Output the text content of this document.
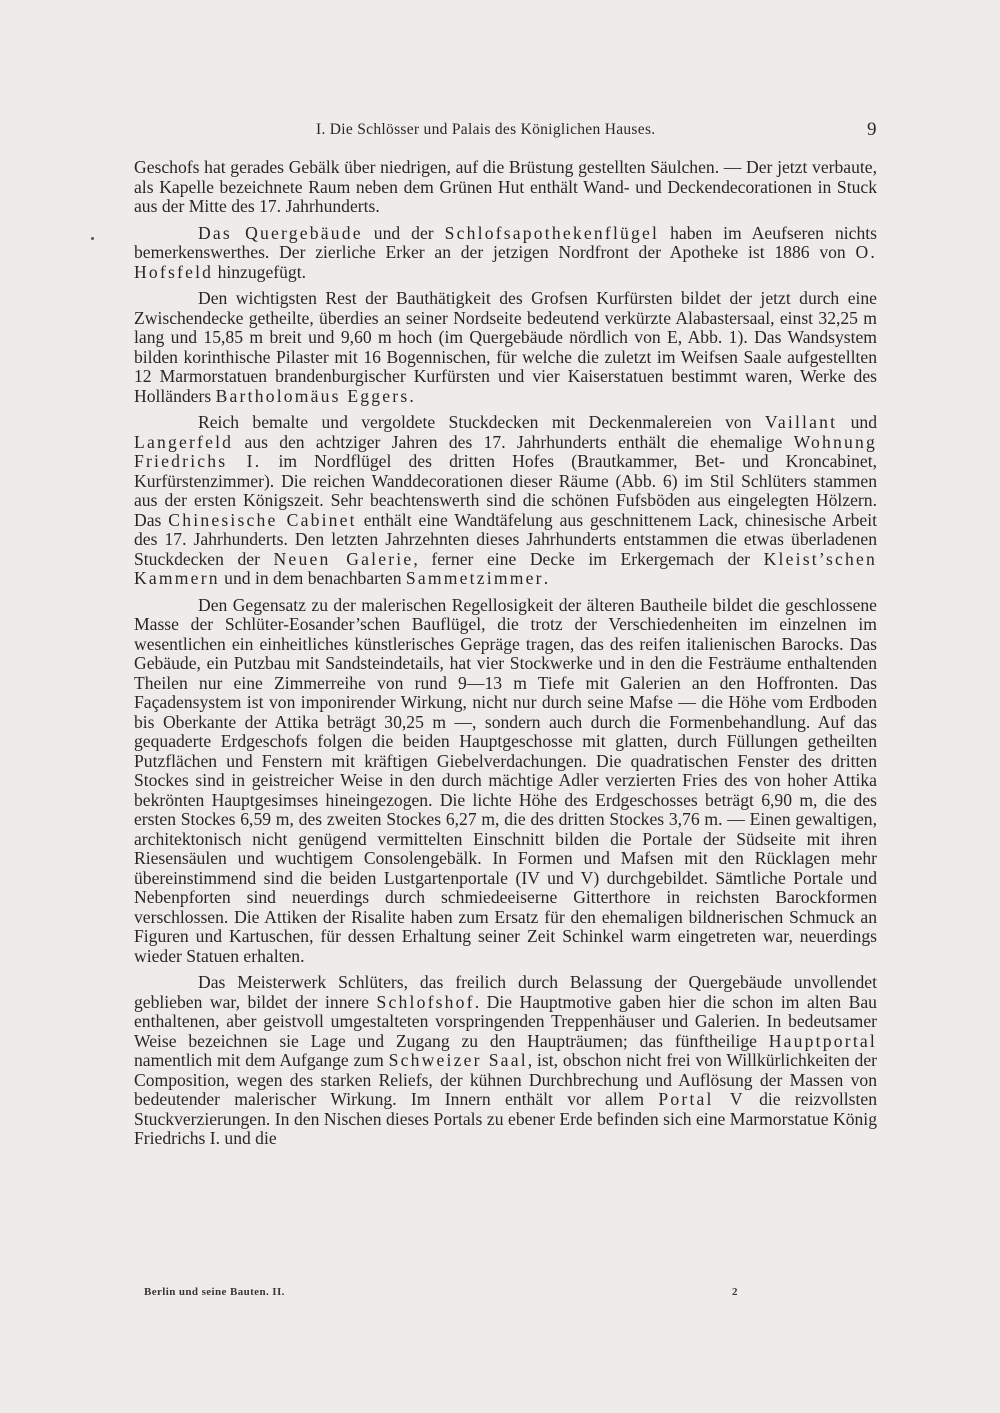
I. Die Schlösser und Palais des Königlichen Hauses.	9

Geschofs hat gerades Gebälk über niedrigen, auf die Brüstung gestellten Säulchen. — Der jetzt verbaute, als Kapelle bezeichnete Raum neben dem Grünen Hut enthält Wand- und Deckendecorationen in Stuck aus der Mitte des 17. Jahrhunderts.

Das Quergebäude und der Schlofsapothekenflügel haben im Aeufseren nichts bemerkenswerthes. Der zierliche Erker an der jetzigen Nordfront der Apotheke ist 1886 von O. Hofsfeld hinzugefügt.

Den wichtigsten Rest der Bauthätigkeit des Grofsen Kurfürsten bildet der jetzt durch eine Zwischendecke getheilte, überdies an seiner Nordseite bedeutend verkürzte Alabastersaal, einst 32,25 m lang und 15,85 m breit und 9,60 m hoch (im Quergebäude nördlich von E, Abb. 1). Das Wandsystem bilden korinthische Pilaster mit 16 Bogennischen, für welche die zuletzt im Weifsen Saale aufgestellten 12 Marmorstatuen brandenburgischer Kurfürsten und vier Kaiserstatuen bestimmt waren, Werke des Holländers Bartholomäus Eggers.

Reich bemalte und vergoldete Stuckdecken mit Deckenmalereien von Vaillant und Langerfeld aus den achtziger Jahren des 17. Jahrhunderts enthält die ehemalige Wohnung Friedrichs I. im Nordflügel des dritten Hofes (Brautkammer, Bet- und Kroncabinet, Kurfürstenzimmer). Die reichen Wanddecorationen dieser Räume (Abb. 6) im Stil Schlüters stammen aus der ersten Königszeit. Sehr beachtenswerth sind die schönen Fufsböden aus eingelegten Hölzern. Das Chinesische Cabinet enthält eine Wandtäfelung aus geschnittenem Lack, chinesische Arbeit des 17. Jahrhunderts. Den letzten Jahrzehnten dieses Jahrhunderts entstammen die etwas überladenen Stuckdecken der Neuen Galerie, ferner eine Decke im Erkergemach der Kleist’schen Kammern und in dem benachbarten Sammetzimmer.

Den Gegensatz zu der malerischen Regellosigkeit der älteren Bautheile bildet die geschlossene Masse der Schlüter-Eosander’schen Bauflügel, die trotz der Verschiedenheiten im einzelnen im wesentlichen ein einheitliches künstlerisches Gepräge tragen, das des reifen italienischen Barocks. Das Gebäude, ein Putzbau mit Sandsteindetails, hat vier Stockwerke und in den die Festräume enthaltenden Theilen nur eine Zimmerreihe von rund 9—13 m Tiefe mit Galerien an den Hoffronten. Das Façadensystem ist von imponirender Wirkung, nicht nur durch seine Mafse — die Höhe vom Erdboden bis Oberkante der Attika beträgt 30,25 m —, sondern auch durch die Formenbehandlung. Auf das gequaderte Erdgeschofs folgen die beiden Hauptgeschosse mit glatten, durch Füllungen getheilten Putzflächen und Fenstern mit kräftigen Giebelverdachungen. Die quadratischen Fenster des dritten Stockes sind in geistreicher Weise in den durch mächtige Adler verzierten Fries des von hoher Attika bekrönten Hauptgesimses hineingezogen. Die lichte Höhe des Erdgeschosses beträgt 6,90 m, die des ersten Stockes 6,59 m, des zweiten Stockes 6,27 m, die des dritten Stockes 3,76 m. — Einen gewaltigen, architektonisch nicht genügend vermittelten Einschnitt bilden die Portale der Südseite mit ihren Riesensäulen und wuchtigem Consolengebälk. In Formen und Mafsen mit den Rücklagen mehr übereinstimmend sind die beiden Lustgartenportale (IV und V) durchgebildet. Sämtliche Portale und Nebenpforten sind neuerdings durch schmiedeeiserne Gitterthore in reichsten Barockformen verschlossen. Die Attiken der Risalite haben zum Ersatz für den ehemaligen bildnerischen Schmuck an Figuren und Kartuschen, für dessen Erhaltung seiner Zeit Schinkel warm eingetreten war, neuerdings wieder Statuen erhalten.

Das Meisterwerk Schlüters, das freilich durch Belassung der Quergebäude unvollendet geblieben war, bildet der innere Schlofshof. Die Hauptmotive gaben hier die schon im alten Bau enthaltenen, aber geistvoll umgestalteten vorspringenden Treppenhäuser und Galerien. In bedeutsamer Weise bezeichnen sie Lage und Zugang zu den Haupträumen; das fünftheilige Hauptportal namentlich mit dem Aufgange zum Schweizer Saal, ist, obschon nicht frei von Willkürlichkeiten der Composition, wegen des starken Reliefs, der kühnen Durchbrechung und Auflösung der Massen von bedeutender malerischer Wirkung. Im Innern enthält vor allem Portal V die reizvollsten Stuckverzierungen. In den Nischen dieses Portals zu ebener Erde befinden sich eine Marmorstatue König Friedrichs I. und die

Berlin und seine Bauten. II.	2
